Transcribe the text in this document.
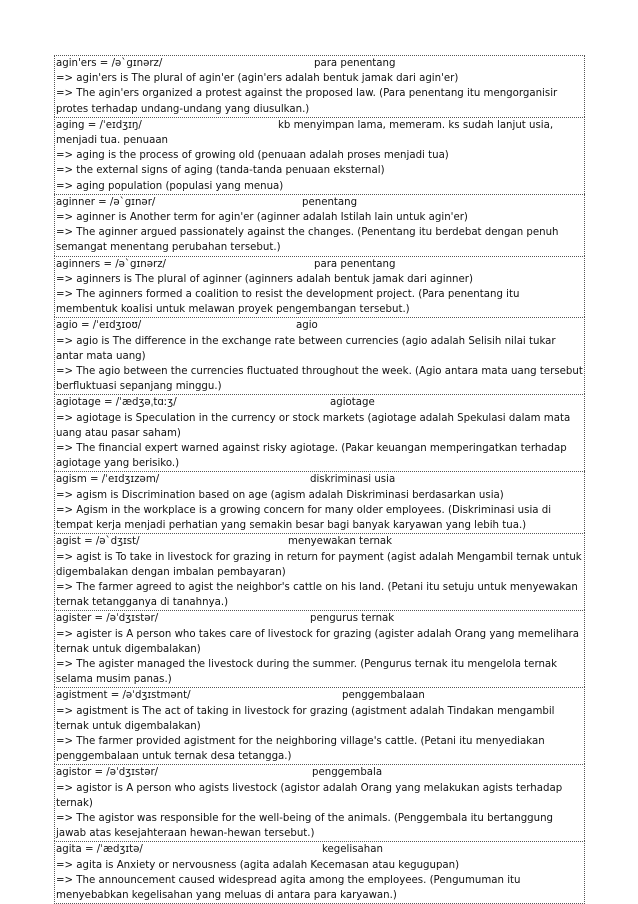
agin'ers = /ə`gɪnərz/	para penentang
=> agin'ers is The plural of agin'er (agin'ers adalah bentuk jamak dari agin'er)
=> The agin'ers organized a protest against the proposed law. (Para penentang itu mengorganisir protes terhadap undang-undang yang diusulkan.)
aging = /ˈeɪdʒɪŋ/	kb menyimpan lama, memeram. ks sudah lanjut usia, menjadi tua. penuaan
=> aging is the process of growing old (penuaan adalah proses menjadi tua)
=> the external signs of aging (tanda-tanda penuaan eksternal)
=> aging population (populasi yang menua)
aginner = /ə`gɪnər/	penentang
=> aginner is Another term for agin'er (aginner adalah Istilah lain untuk agin'er)
=> The aginner argued passionately against the changes. (Penentang itu berdebat dengan penuh semangat menentang perubahan tersebut.)
aginners = /ə`gɪnərz/	para penentang
=> aginners is The plural of aginner (aginners adalah bentuk jamak dari aginner)
=> The aginners formed a coalition to resist the development project. (Para penentang itu membentuk koalisi untuk melawan proyek pengembangan tersebut.)
agio = /ˈeɪdʒɪoʊ/	agio
=> agio is The difference in the exchange rate between currencies (agio adalah Selisih nilai tukar antar mata uang)
=> The agio between the currencies fluctuated throughout the week. (Agio antara mata uang tersebut berfluktuasi sepanjang minggu.)
agiotage = /ˈædʒəˌtɑːʒ/	agiotage
=> agiotage is Speculation in the currency or stock markets (agiotage adalah Spekulasi dalam mata uang atau pasar saham)
=> The financial expert warned against risky agiotage. (Pakar keuangan memperingatkan terhadap agiotage yang berisiko.)
agism = /ˈeɪdʒɪzəm/	diskriminasi usia
=> agism is Discrimination based on age (agism adalah Diskriminasi berdasarkan usia)
=> Agism in the workplace is a growing concern for many older employees. (Diskriminasi usia di tempat kerja menjadi perhatian yang semakin besar bagi banyak karyawan yang lebih tua.)
agist = /ə`dʒɪst/	menyewakan ternak
=> agist is To take in livestock for grazing in return for payment (agist adalah Mengambil ternak untuk digembalakan dengan imbalan pembayaran)
=> The farmer agreed to agist the neighbor's cattle on his land. (Petani itu setuju untuk menyewakan ternak tetangganya di tanahnya.)
agister = /əˈdʒɪstər/	pengurus ternak
=> agister is A person who takes care of livestock for grazing (agister adalah Orang yang memelihara ternak untuk digembalakan)
=> The agister managed the livestock during the summer. (Pengurus ternak itu mengelola ternak selama musim panas.)
agistment = /əˈdʒɪstmənt/	penggembalaan
=> agistment is The act of taking in livestock for grazing (agistment adalah Tindakan mengambil ternak untuk digembalakan)
=> The farmer provided agistment for the neighboring village's cattle. (Petani itu menyediakan penggembalaan untuk ternak desa tetangga.)
agistor = /əˈdʒɪstər/	penggembala
=> agistor is A person who agists livestock (agistor adalah Orang yang melakukan agists terhadap ternak)
=> The agistor was responsible for the well-being of the animals. (Penggembala itu bertanggung jawab atas kesejahteraan hewan-hewan tersebut.)
agita = /ˈædʒɪtə/	kegelisahan
=> agita is Anxiety or nervousness (agita adalah Kecemasan atau kegugupan)
=> The announcement caused widespread agita among the employees. (Pengumuman itu menyebabkan kegelisahan yang meluas di antara para karyawan.)
